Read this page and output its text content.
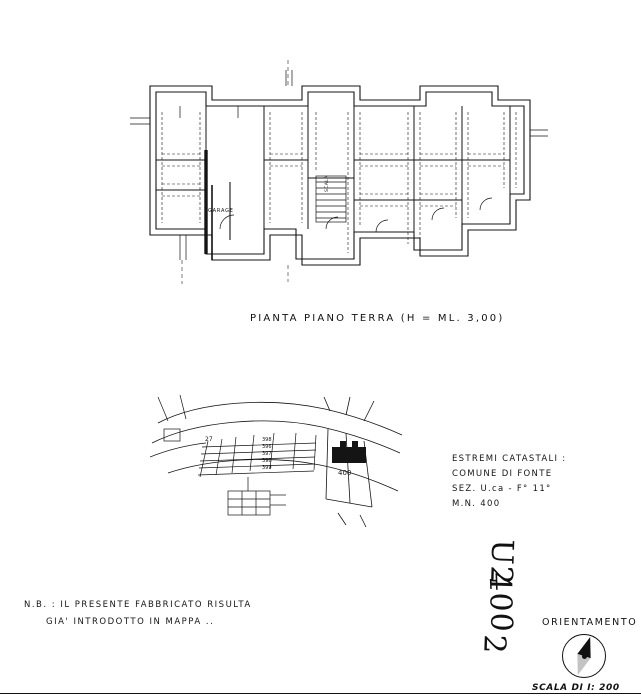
GARAGE
SCALA
PIANTA PIANO TERRA (H = ML. 3,00)
27	398
396
397
398
399
400
ESTREMI CATASTALI :
COMUNE DI FONTE
SEZ. U.ca - F° 11°
M.N. 400
N.B. : IL PRESENTE FABBRICATO RISULTA
GIA' INTRODOTTO IN MAPPA ..
U2
400
2
ORIENTAMENTO
SCALA DI I: 200
